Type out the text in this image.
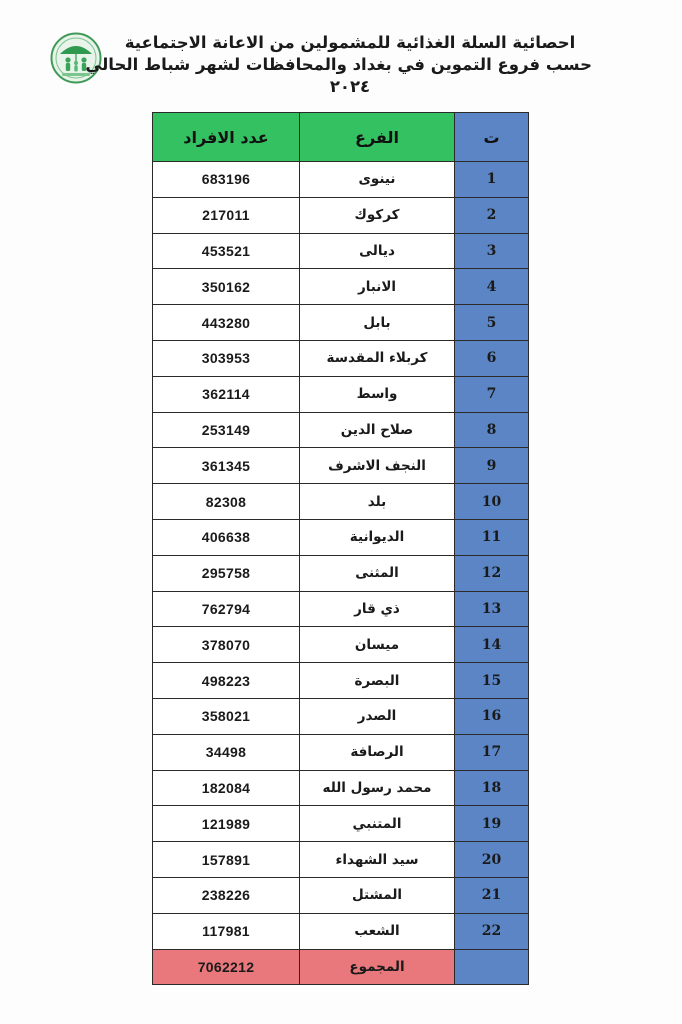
احصائية السلة الغذائية للمشمولين من الاعانة الاجتماعية
حسب فروع التموين في بغداد والمحافظات لشهر شباط الحالي
٢٠٢٤
ت	الفرع	عدد الافراد
1	نينوى	683196
2	كركوك	217011
3	ديالى	453521
4	الانبار	350162
5	بابل	443280
6	كربلاء المقدسة	303953
7	واسط	362114
8	صلاح الدين	253149
9	النجف الاشرف	361345
10	بلد	82308
11	الديوانية	406638
12	المثنى	295758
13	ذي قار	762794
14	ميسان	378070
15	البصرة	498223
16	الصدر	358021
17	الرصافة	34498
18	محمد رسول الله	182084
19	المتنبي	121989
20	سيد الشهداء	157891
21	المشتل	238226
22	الشعب	117981
	المجموع	7062212
